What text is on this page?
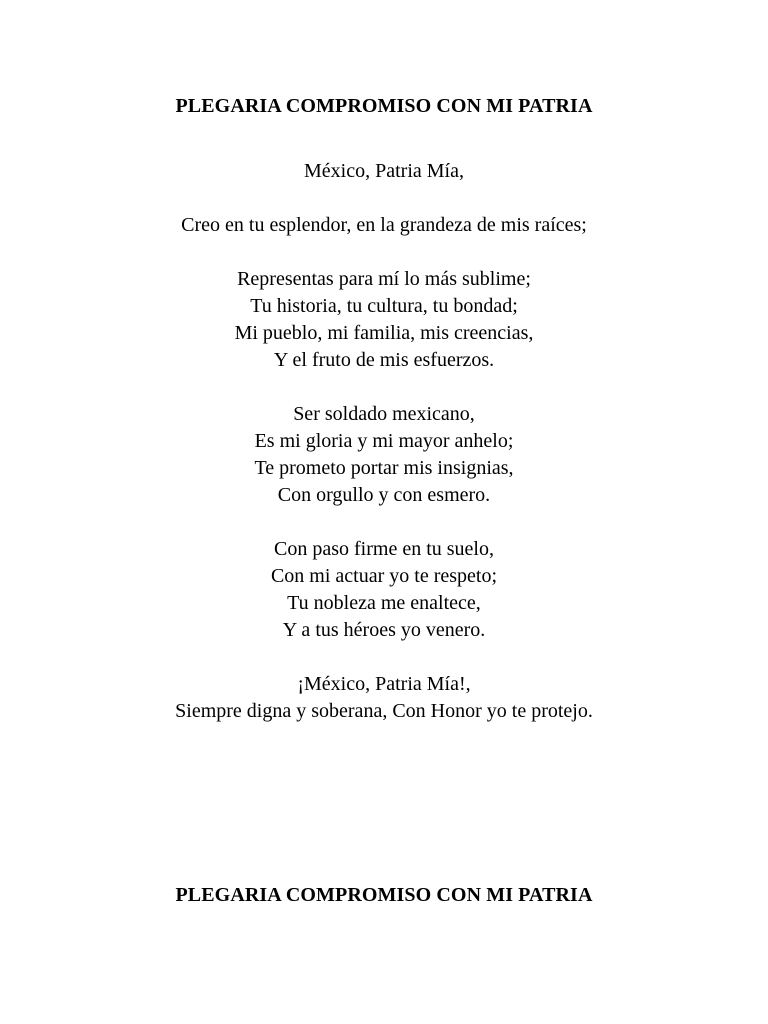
PLEGARIA COMPROMISO CON MI PATRIA
México, Patria Mía,
Creo en tu esplendor, en la grandeza de mis raíces;
Representas para mí lo más sublime;
Tu historia, tu cultura, tu bondad;
Mi pueblo, mi familia, mis creencias,
Y el fruto de mis esfuerzos.
Ser soldado mexicano,
Es mi gloria y mi mayor anhelo;
Te prometo portar mis insignias,
Con orgullo y con esmero.
Con paso firme en tu suelo,
Con mi actuar yo te respeto;
Tu nobleza me enaltece,
Y a tus héroes yo venero.
¡México, Patria Mía!,
Siempre digna y soberana, Con Honor yo te protejo.
PLEGARIA COMPROMISO CON MI PATRIA
